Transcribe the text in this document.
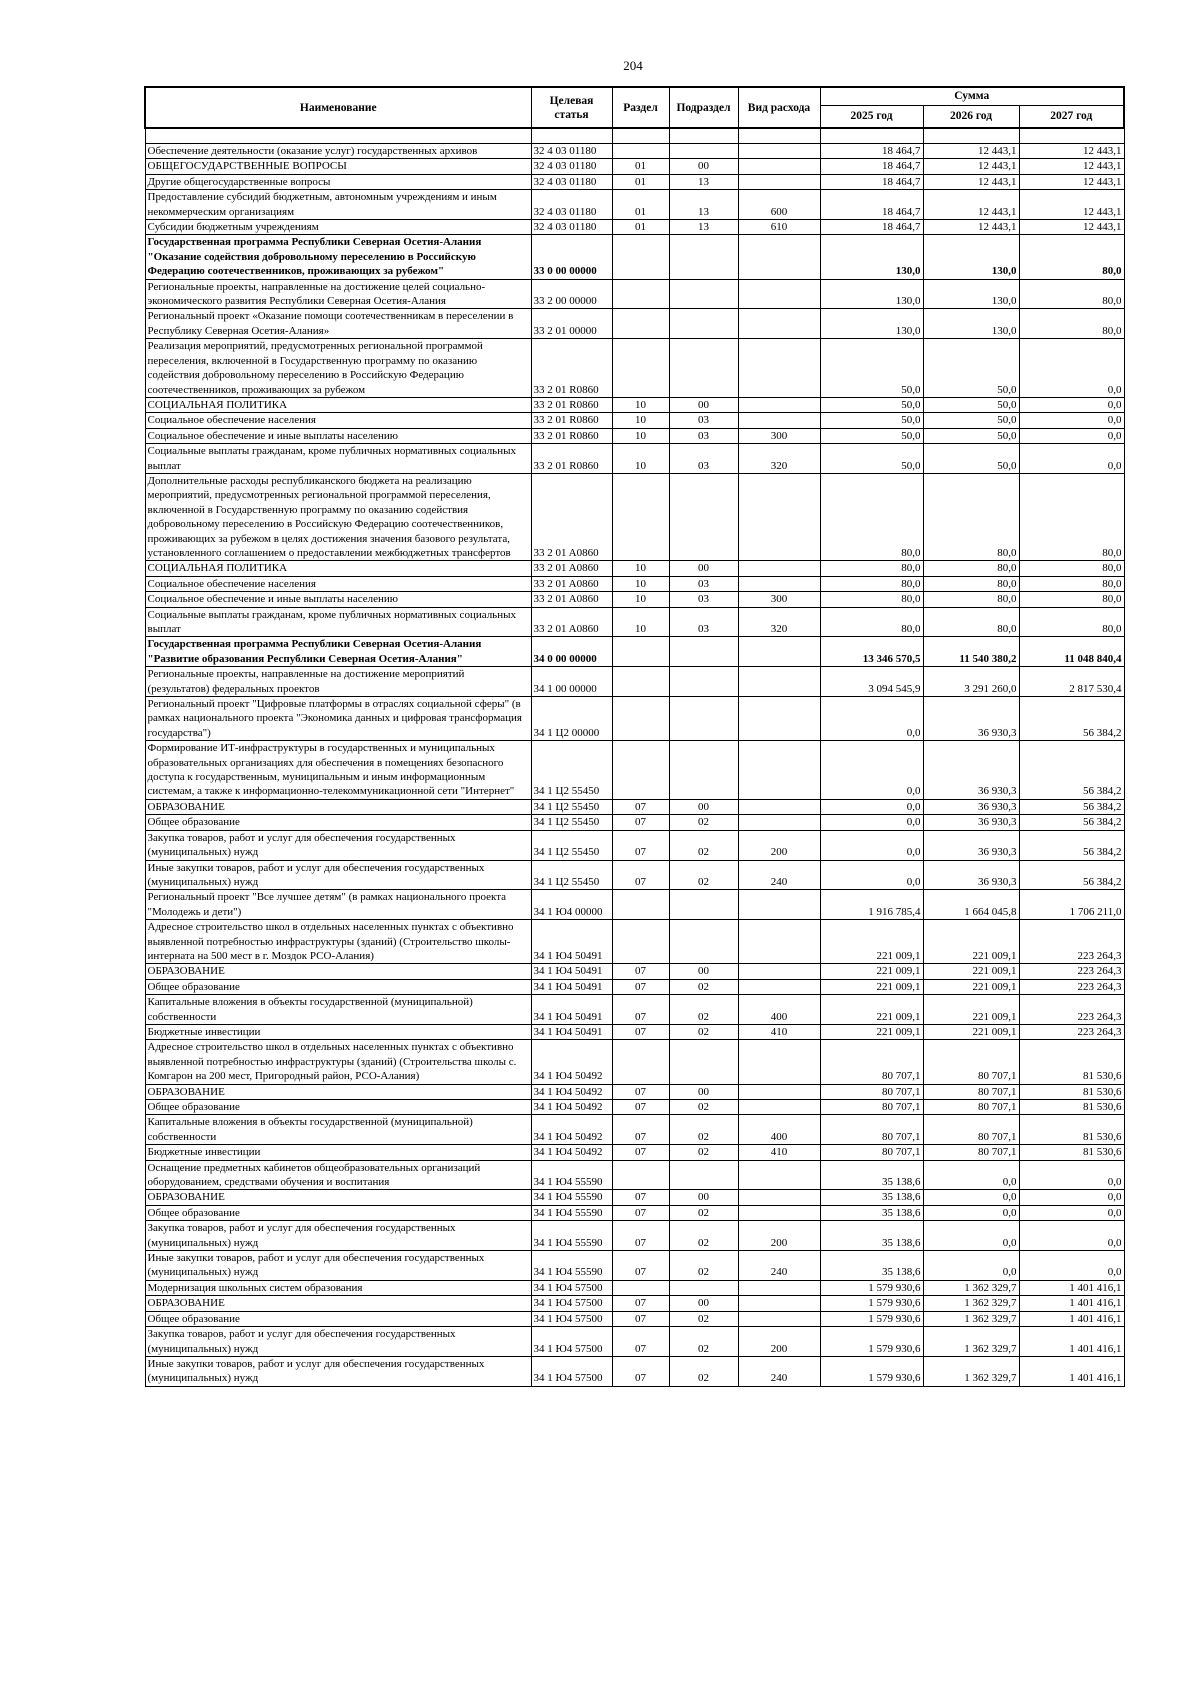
204
Наименование	Целевая статья	Раздел	Подраздел	Вид расхода	Сумма		
					2025 год	2026 год	2027 год

Обеспечение деятельности (оказание услуг) государственных архивов	32 4 03 01180				18 464,7	12 443,1	12 443,1
ОБЩЕГОСУДАРСТВЕННЫЕ ВОПРОСЫ	32 4 03 01180	01	00		18 464,7	12 443,1	12 443,1
Другие общегосударственные вопросы	32 4 03 01180	01	13		18 464,7	12 443,1	12 443,1
Предоставление субсидий бюджетным, автономным учреждениям и иным некоммерческим организациям	32 4 03 01180	01	13	600	18 464,7	12 443,1	12 443,1
Субсидии бюджетным учреждениям	32 4 03 01180	01	13	610	18 464,7	12 443,1	12 443,1
Государственная программа Республики Северная Осетия-Алания "Оказание содействия добровольному переселению в Российскую Федерацию соотечественников, проживающих за рубежом"	33 0 00 00000				130,0	130,0	80,0
Региональные проекты, направленные на достижение целей социально-экономического развития Республики Северная Осетия-Алания	33 2 00 00000				130,0	130,0	80,0
Региональный проект «Оказание помощи соотечественникам в переселении в Республику Северная Осетия-Алания»	33 2 01 00000				130,0	130,0	80,0
Реализация мероприятий, предусмотренных региональной программой переселения, включенной в Государственную программу по оказанию содействия добровольному переселению в Российскую Федерацию соотечественников, проживающих за рубежом	33 2 01 R0860				50,0	50,0	0,0
СОЦИАЛЬНАЯ ПОЛИТИКА	33 2 01 R0860	10	00		50,0	50,0	0,0
Социальное обеспечение населения	33 2 01 R0860	10	03		50,0	50,0	0,0
Социальное обеспечение и иные выплаты населению	33 2 01 R0860	10	03	300	50,0	50,0	0,0
Социальные выплаты гражданам, кроме публичных нормативных социальных выплат	33 2 01 R0860	10	03	320	50,0	50,0	0,0
Дополнительные расходы республиканского бюджета на реализацию мероприятий, предусмотренных региональной программой переселения, включенной в Государственную программу по оказанию содействия добровольному переселению в Российскую Федерацию соотечественников, проживающих за рубежом в целях достижения значения базового результата, установленного соглашением о предоставлении межбюджетных трансфертов	33 2 01 A0860				80,0	80,0	80,0
СОЦИАЛЬНАЯ ПОЛИТИКА	33 2 01 A0860	10	00		80,0	80,0	80,0
Социальное обеспечение населения	33 2 01 A0860	10	03		80,0	80,0	80,0
Социальное обеспечение и иные выплаты населению	33 2 01 A0860	10	03	300	80,0	80,0	80,0
Социальные выплаты гражданам, кроме публичных нормативных социальных выплат	33 2 01 A0860	10	03	320	80,0	80,0	80,0
Государственная программа Республики Северная Осетия-Алания "Развитие образования Республики Северная Осетия-Алания"	34 0 00 00000				13 346 570,5	11 540 380,2	11 048 840,4
Региональные проекты, направленные на достижение мероприятий (результатов) федеральных проектов	34 1 00 00000				3 094 545,9	3 291 260,0	2 817 530,4
Региональный проект "Цифровые платформы в отраслях социальной сферы" (в рамках национального проекта "Экономика данных и цифровая трансформация государства")	34 1 Ц2 00000				0,0	36 930,3	56 384,2
Формирование ИТ-инфраструктуры в государственных и муниципальных образовательных организациях для обеспечения в помещениях безопасного доступа к государственным, муниципальным и иным информационным системам, а также к информационно-телекоммуникационной сети "Интернет"	34 1 Ц2 55450				0,0	36 930,3	56 384,2
ОБРАЗОВАНИЕ	34 1 Ц2 55450	07	00		0,0	36 930,3	56 384,2
Общее образование	34 1 Ц2 55450	07	02		0,0	36 930,3	56 384,2
Закупка товаров, работ и услуг для обеспечения государственных (муниципальных) нужд	34 1 Ц2 55450	07	02	200	0,0	36 930,3	56 384,2
Иные закупки товаров, работ и услуг для обеспечения государственных (муниципальных) нужд	34 1 Ц2 55450	07	02	240	0,0	36 930,3	56 384,2
Региональный проект "Все лучшее детям" (в рамках национального проекта "Молодежь и дети")	34 1 Ю4 00000				1 916 785,4	1 664 045,8	1 706 211,0
Адресное строительство школ в отдельных населенных пунктах с объективно выявленной потребностью инфраструктуры (зданий) (Строительство школы-интерната на 500 мест в г. Моздок РСО-Алания)	34 1 Ю4 50491				221 009,1	221 009,1	223 264,3
ОБРАЗОВАНИЕ	34 1 Ю4 50491	07	00		221 009,1	221 009,1	223 264,3
Общее образование	34 1 Ю4 50491	07	02		221 009,1	221 009,1	223 264,3
Капитальные вложения в объекты государственной (муниципальной) собственности	34 1 Ю4 50491	07	02	400	221 009,1	221 009,1	223 264,3
Бюджетные инвестиции	34 1 Ю4 50491	07	02	410	221 009,1	221 009,1	223 264,3
Адресное строительство школ в отдельных населенных пунктах с объективно выявленной потребностью инфраструктуры (зданий) (Строительства школы с. Комгарон на 200 мест, Пригородный район, РСО-Алания)	34 1 Ю4 50492				80 707,1	80 707,1	81 530,6
ОБРАЗОВАНИЕ	34 1 Ю4 50492	07	00		80 707,1	80 707,1	81 530,6
Общее образование	34 1 Ю4 50492	07	02		80 707,1	80 707,1	81 530,6
Капитальные вложения в объекты государственной (муниципальной) собственности	34 1 Ю4 50492	07	02	400	80 707,1	80 707,1	81 530,6
Бюджетные инвестиции	34 1 Ю4 50492	07	02	410	80 707,1	80 707,1	81 530,6
Оснащение предметных кабинетов общеобразовательных организаций оборудованием, средствами обучения и воспитания	34 1 Ю4 55590				35 138,6	0,0	0,0
ОБРАЗОВАНИЕ	34 1 Ю4 55590	07	00		35 138,6	0,0	0,0
Общее образование	34 1 Ю4 55590	07	02		35 138,6	0,0	0,0
Закупка товаров, работ и услуг для обеспечения государственных (муниципальных) нужд	34 1 Ю4 55590	07	02	200	35 138,6	0,0	0,0
Иные закупки товаров, работ и услуг для обеспечения государственных (муниципальных) нужд	34 1 Ю4 55590	07	02	240	35 138,6	0,0	0,0
Модернизация школьных систем образования	34 1 Ю4 57500				1 579 930,6	1 362 329,7	1 401 416,1
ОБРАЗОВАНИЕ	34 1 Ю4 57500	07	00		1 579 930,6	1 362 329,7	1 401 416,1
Общее образование	34 1 Ю4 57500	07	02		1 579 930,6	1 362 329,7	1 401 416,1
Закупка товаров, работ и услуг для обеспечения государственных (муниципальных) нужд	34 1 Ю4 57500	07	02	200	1 579 930,6	1 362 329,7	1 401 416,1
Иные закупки товаров, работ и услуг для обеспечения государственных (муниципальных) нужд	34 1 Ю4 57500	07	02	240	1 579 930,6	1 362 329,7	1 401 416,1
